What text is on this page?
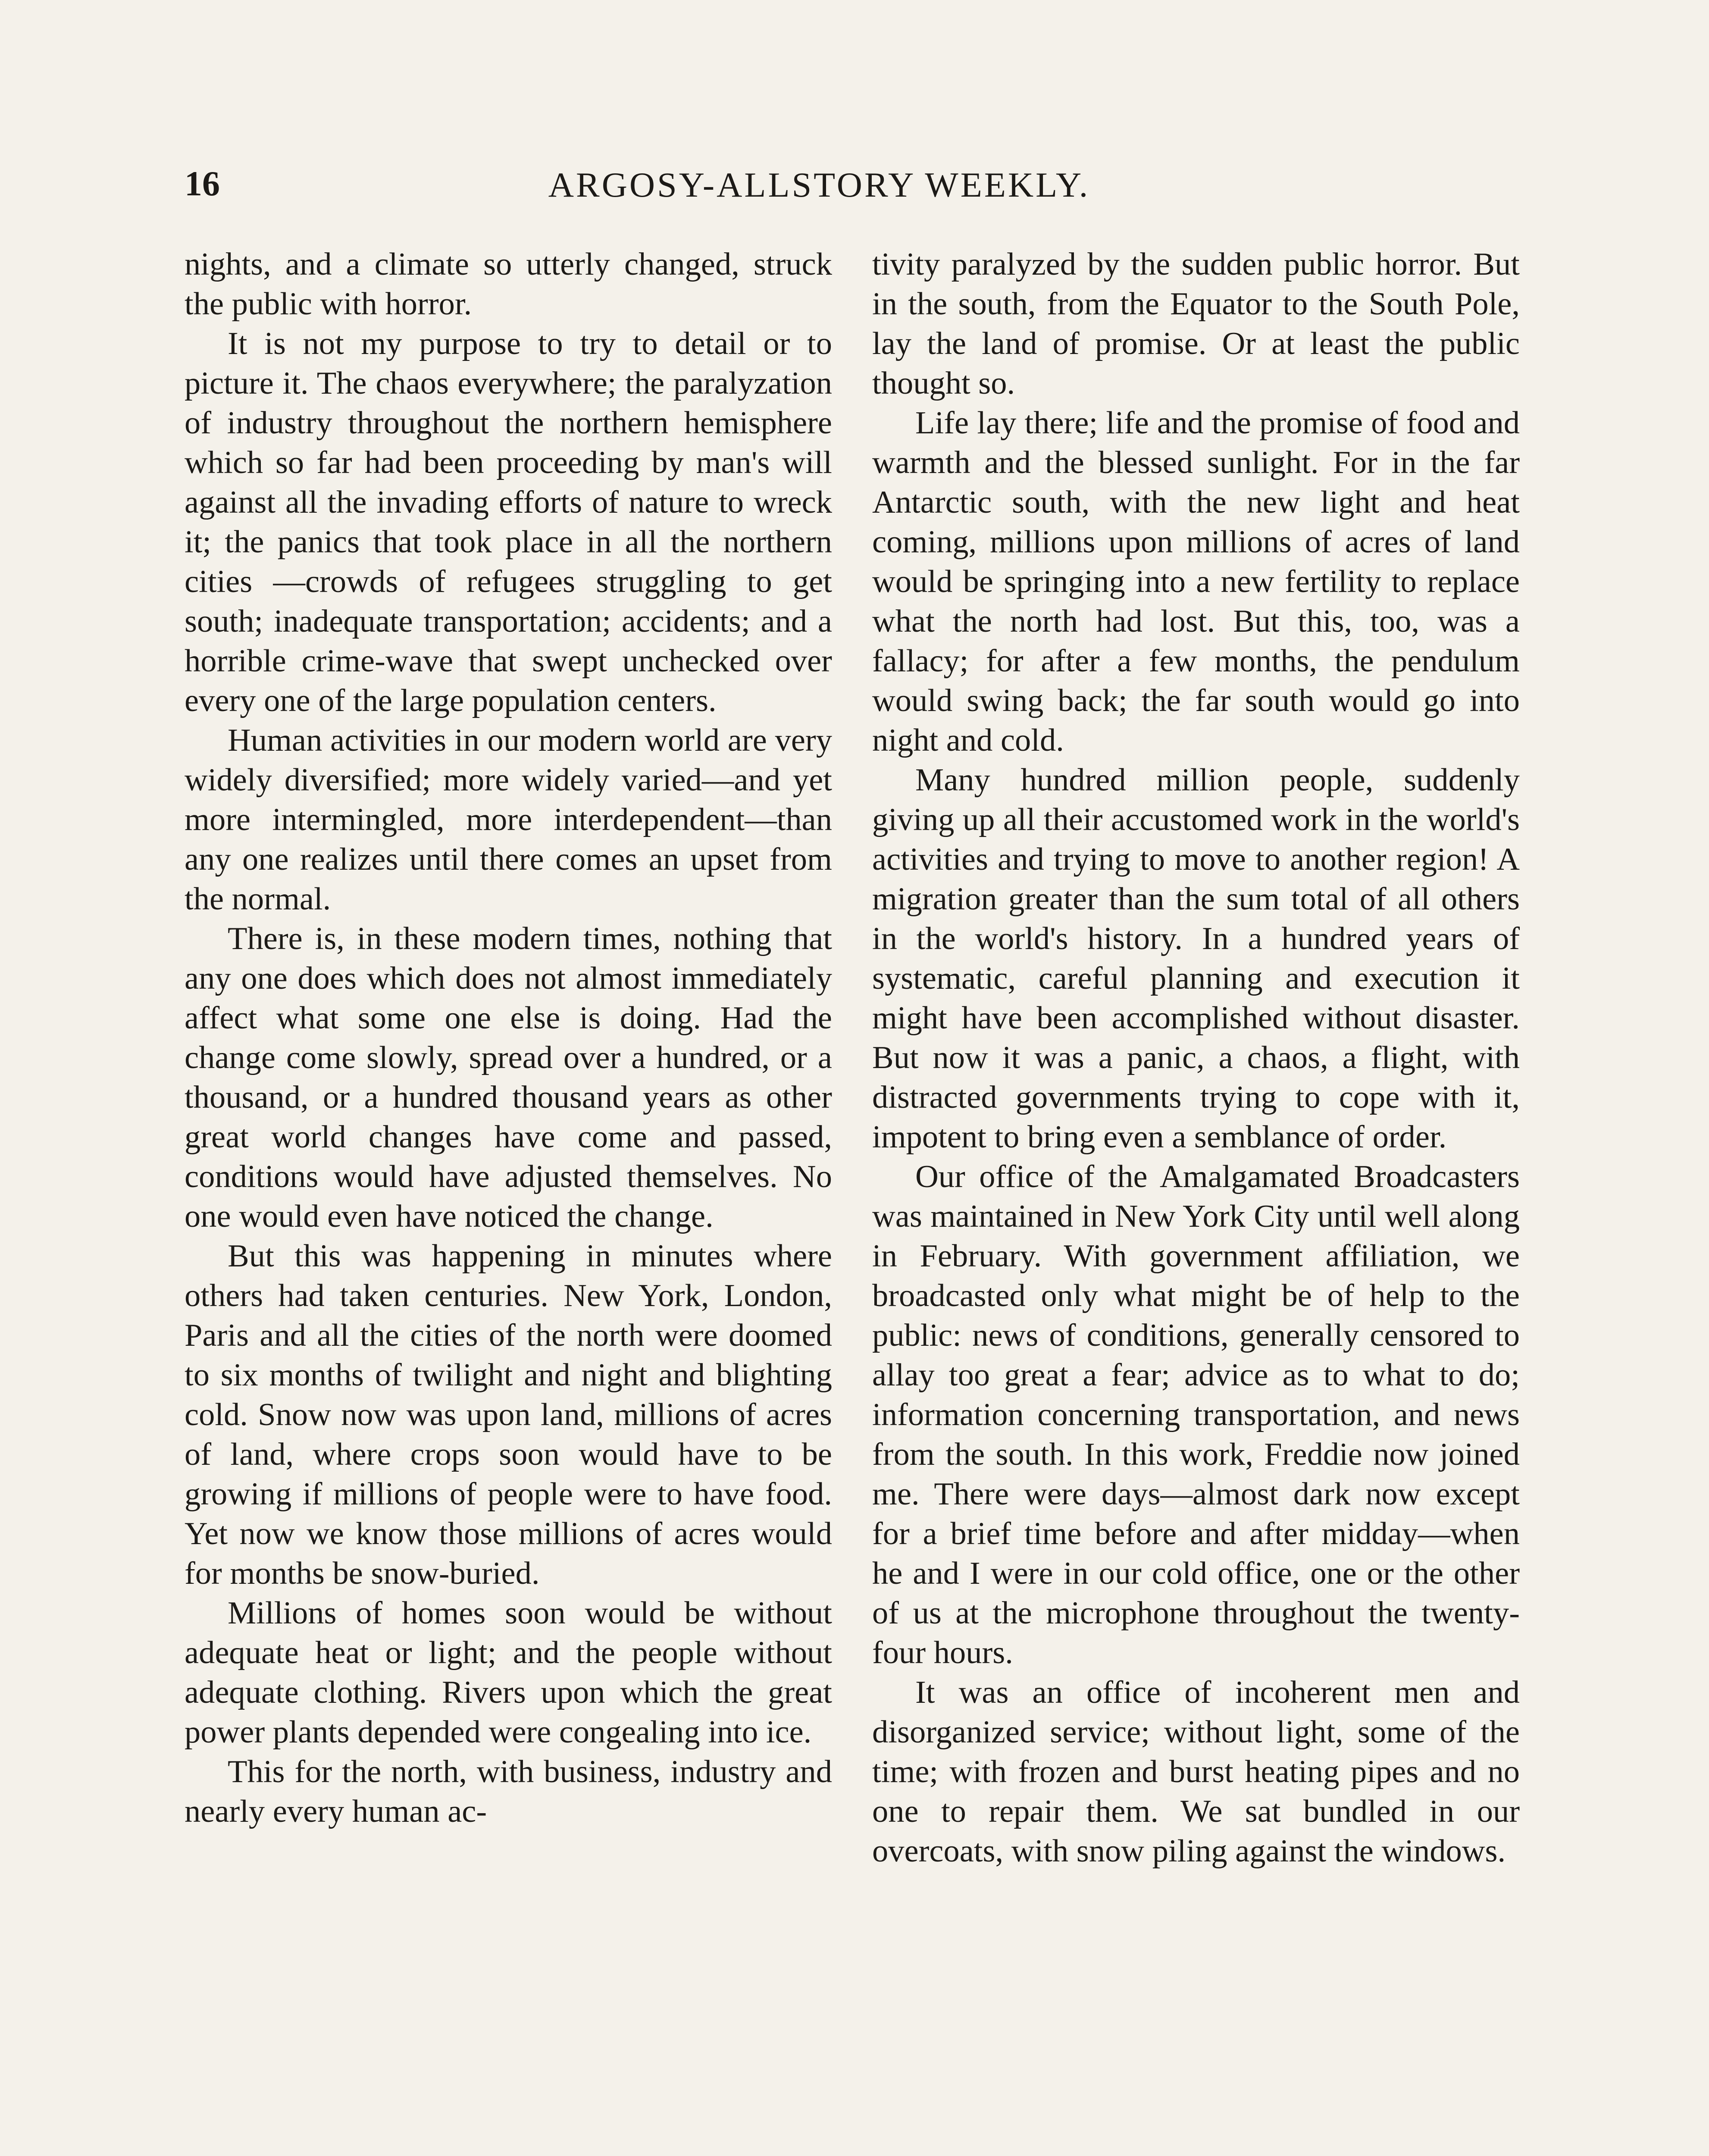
16	ARGOSY-ALLSTORY WEEKLY.

nights, and a climate so utterly changed, struck the public with horror.

It is not my purpose to try to detail or to picture it. The chaos everywhere; the paralyzation of industry throughout the northern hemisphere which so far had been proceeding by man's will against all the invading efforts of nature to wreck it; the panics that took place in all the northern cities —crowds of refugees struggling to get south; inadequate transportation; accidents; and a horrible crime-wave that swept unchecked over every one of the large population centers.

Human activities in our modern world are very widely diversified; more widely varied—and yet more intermingled, more interdependent—than any one realizes until there comes an upset from the normal.

There is, in these modern times, nothing that any one does which does not almost immediately affect what some one else is doing. Had the change come slowly, spread over a hundred, or a thousand, or a hundred thousand years as other great world changes have come and passed, conditions would have adjusted themselves. No one would even have noticed the change.

But this was happening in minutes where others had taken centuries. New York, London, Paris and all the cities of the north were doomed to six months of twilight and night and blighting cold. Snow now was upon land, millions of acres of land, where crops soon would have to be growing if millions of people were to have food. Yet now we know those millions of acres would for months be snow-buried.

Millions of homes soon would be without adequate heat or light; and the people without adequate clothing. Rivers upon which the great power plants depended were congealing into ice.

This for the north, with business, industry and nearly every human ac-

tivity paralyzed by the sudden public horror. But in the south, from the Equator to the South Pole, lay the land of promise. Or at least the public thought so.

Life lay there; life and the promise of food and warmth and the blessed sunlight. For in the far Antarctic south, with the new light and heat coming, millions upon millions of acres of land would be springing into a new fertility to replace what the north had lost. But this, too, was a fallacy; for after a few months, the pendulum would swing back; the far south would go into night and cold.

Many hundred million people, suddenly giving up all their accustomed work in the world's activities and trying to move to another region! A migration greater than the sum total of all others in the world's history. In a hundred years of systematic, careful planning and execution it might have been accomplished without disaster. But now it was a panic, a chaos, a flight, with distracted governments trying to cope with it, impotent to bring even a semblance of order.

Our office of the Amalgamated Broadcasters was maintained in New York City until well along in February. With government affiliation, we broadcasted only what might be of help to the public: news of conditions, generally censored to allay too great a fear; advice as to what to do; information concerning transportation, and news from the south. In this work, Freddie now joined me. There were days—almost dark now except for a brief time before and after midday—when he and I were in our cold office, one or the other of us at the microphone throughout the twenty-four hours.

It was an office of incoherent men and disorganized service; without light, some of the time; with frozen and burst heating pipes and no one to repair them. We sat bundled in our overcoats, with snow piling against the windows.
